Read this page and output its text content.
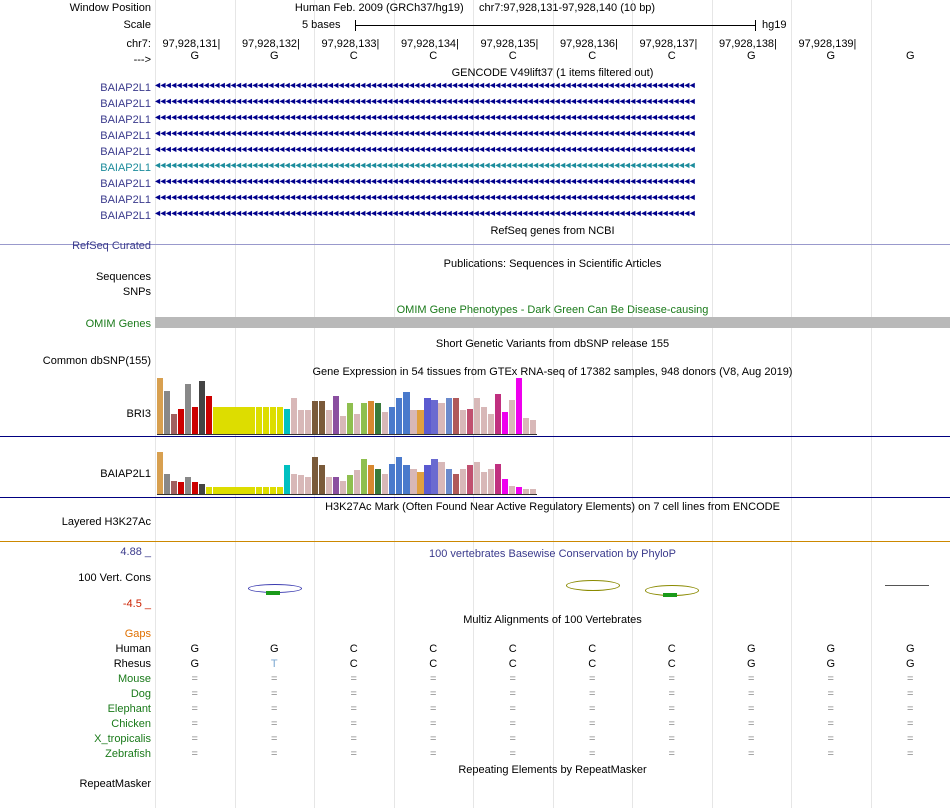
Window Position	Human Feb. 2009 (GRCh37/hg19) chr7:97,928,131-97,928,140 (10 bp)
Scale	5 bases	hg19
chr7: 97,928,131| 97,928,132| 97,928,133| 97,928,134| 97,928,135| 97,928,136| 97,928,137| 97,928,138| 97,928,139|
--->	G	G	C	C	C	C	C	G	G	G
GENCODE V49lift37 (1 items filtered out)
BAIAP2L1 ◄◄◄◄◄◄◄◄◄◄◄◄◄◄◄◄◄◄◄◄◄◄◄◄◄◄◄◄◄◄◄◄◄◄◄◄◄◄◄◄◄◄◄◄◄◄◄◄◄◄◄◄◄◄◄◄◄◄◄◄◄◄◄◄◄◄◄◄◄◄◄◄◄◄◄◄◄◄◄◄◄◄◄◄◄◄◄◄◄◄◄◄◄◄◄◄◄◄◄◄
BAIAP2L1 ◄◄◄◄◄◄◄◄◄◄◄◄◄◄◄◄◄◄◄◄◄◄◄◄◄◄◄◄◄◄◄◄◄◄◄◄◄◄◄◄◄◄◄◄◄◄◄◄◄◄◄◄◄◄◄◄◄◄◄◄◄◄◄◄◄◄◄◄◄◄◄◄◄◄◄◄◄◄◄◄◄◄◄◄◄◄◄◄◄◄◄◄◄◄◄◄◄◄◄◄
BAIAP2L1 ◄◄◄◄◄◄◄◄◄◄◄◄◄◄◄◄◄◄◄◄◄◄◄◄◄◄◄◄◄◄◄◄◄◄◄◄◄◄◄◄◄◄◄◄◄◄◄◄◄◄◄◄◄◄◄◄◄◄◄◄◄◄◄◄◄◄◄◄◄◄◄◄◄◄◄◄◄◄◄◄◄◄◄◄◄◄◄◄◄◄◄◄◄◄◄◄◄◄◄◄
BAIAP2L1 ◄◄◄◄◄◄◄◄◄◄◄◄◄◄◄◄◄◄◄◄◄◄◄◄◄◄◄◄◄◄◄◄◄◄◄◄◄◄◄◄◄◄◄◄◄◄◄◄◄◄◄◄◄◄◄◄◄◄◄◄◄◄◄◄◄◄◄◄◄◄◄◄◄◄◄◄◄◄◄◄◄◄◄◄◄◄◄◄◄◄◄◄◄◄◄◄◄◄◄◄
BAIAP2L1 ◄◄◄◄◄◄◄◄◄◄◄◄◄◄◄◄◄◄◄◄◄◄◄◄◄◄◄◄◄◄◄◄◄◄◄◄◄◄◄◄◄◄◄◄◄◄◄◄◄◄◄◄◄◄◄◄◄◄◄◄◄◄◄◄◄◄◄◄◄◄◄◄◄◄◄◄◄◄◄◄◄◄◄◄◄◄◄◄◄◄◄◄◄◄◄◄◄◄◄◄
BAIAP2L1 ◄◄◄◄◄◄◄◄◄◄◄◄◄◄◄◄◄◄◄◄◄◄◄◄◄◄◄◄◄◄◄◄◄◄◄◄◄◄◄◄◄◄◄◄◄◄◄◄◄◄◄◄◄◄◄◄◄◄◄◄◄◄◄◄◄◄◄◄◄◄◄◄◄◄◄◄◄◄◄◄◄◄◄◄◄◄◄◄◄◄◄◄◄◄◄◄◄◄◄◄
BAIAP2L1 ◄◄◄◄◄◄◄◄◄◄◄◄◄◄◄◄◄◄◄◄◄◄◄◄◄◄◄◄◄◄◄◄◄◄◄◄◄◄◄◄◄◄◄◄◄◄◄◄◄◄◄◄◄◄◄◄◄◄◄◄◄◄◄◄◄◄◄◄◄◄◄◄◄◄◄◄◄◄◄◄◄◄◄◄◄◄◄◄◄◄◄◄◄◄◄◄◄◄◄◄
BAIAP2L1 ◄◄◄◄◄◄◄◄◄◄◄◄◄◄◄◄◄◄◄◄◄◄◄◄◄◄◄◄◄◄◄◄◄◄◄◄◄◄◄◄◄◄◄◄◄◄◄◄◄◄◄◄◄◄◄◄◄◄◄◄◄◄◄◄◄◄◄◄◄◄◄◄◄◄◄◄◄◄◄◄◄◄◄◄◄◄◄◄◄◄◄◄◄◄◄◄◄◄◄◄
BAIAP2L1 ◄◄◄◄◄◄◄◄◄◄◄◄◄◄◄◄◄◄◄◄◄◄◄◄◄◄◄◄◄◄◄◄◄◄◄◄◄◄◄◄◄◄◄◄◄◄◄◄◄◄◄◄◄◄◄◄◄◄◄◄◄◄◄◄◄◄◄◄◄◄◄◄◄◄◄◄◄◄◄◄◄◄◄◄◄◄◄◄◄◄◄◄◄◄◄◄◄◄◄◄
RefSeq Curated
RefSeq genes from NCBI
Publications: Sequences in Scientific Articles
Sequences
SNPs
OMIM Gene Phenotypes - Dark Green Can Be Disease-causing
OMIM Genes
Short Genetic Variants from dbSNP release 155
Common dbSNP(155)
Gene Expression in 54 tissues from GTEx RNA-seq of 17382 samples, 948 donors (V8, Aug 2019)
BRI3
BAIAP2L1
Layered H3K27Ac
H3K27Ac Mark (Often Found Near Active Regulatory Elements) on 7 cell lines from ENCODE
100 vertebrates Basewise Conservation by PhyloP
4.88 _
100 Vert. Cons
-4.5 _
Multiz Alignments of 100 Vertebrates
Gaps
Human	G	G	C	C	C	C	C	G	G	G
Rhesus	G	T	C	C	C	C	C	G	G	G
Mouse	=	=	=	=	=	=	=	=	=	=
Dog	=	=	=	=	=	=	=	=	=	=
Elephant	=	=	=	=	=	=	=	=	=	=
Chicken	=	=	=	=	=	=	=	=	=	=
X_tropicalis	=	=	=	=	=	=	=	=	=	=
Zebrafish	=	=	=	=	=	=	=	=	=	=
Repeating Elements by RepeatMasker
RepeatMasker
